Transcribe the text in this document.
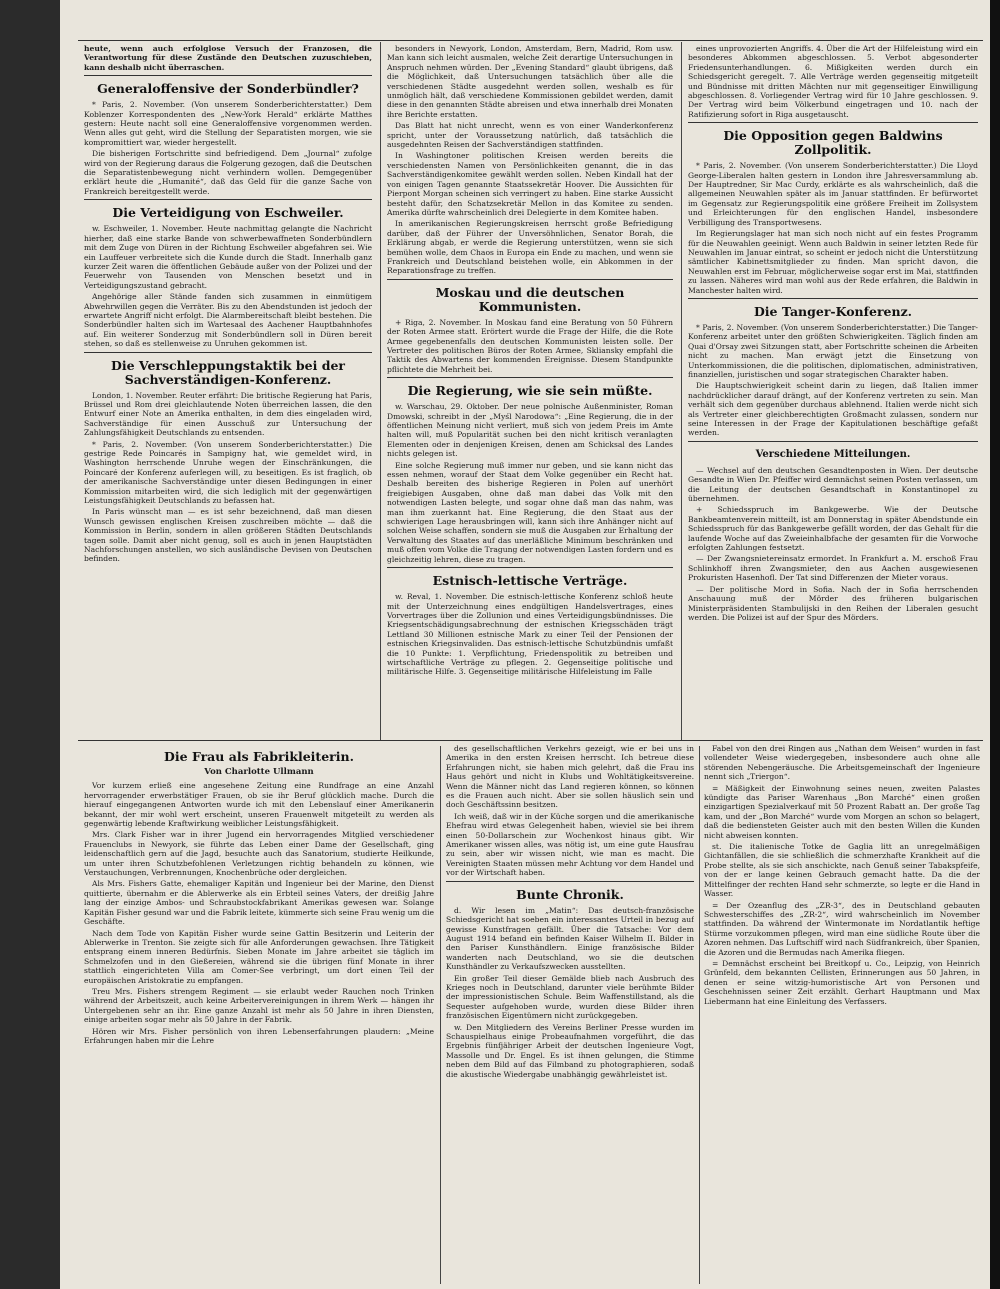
heute, wenn auch erfolglose Versuch der Franzosen, die Verantwortung für diese Zustände den Deutschen zuzuschieben, kann deshalb nicht überraschen.

Generaloffensive der Sonderbündler?

* Paris, 2. November. (Von unserem Sonderberichterstatter.) Dem Koblenzer Korrespondenten des „New-York Herald“ erklärte Matthes gestern: Heute nacht soll eine Generaloffensive vorgenommen werden. Wenn alles gut geht, wird die Stellung der Separatisten morgen, wie sie kompromittiert war, wieder hergestellt.

Die bisherigen Fortschritte sind befriedigend. Dem „Journal“ zufolge wird von der Regierung daraus die Folgerung gezogen, daß die Deutschen die Separatistenbewegung nicht verhindern wollen. Demgegenüber erklärt heute die „Humanité“, daß das Geld für die ganze Sache von Frankreich bereitgestellt werde.

Die Verteidigung von Eschweiler.

w. Eschweiler, 1. November. Heute nachmittag gelangte die Nachricht hierher, daß eine starke Bande von schwerbewaffneten Sonderbündlern mit dem Zuge von Düren in der Richtung Eschweiler abgefahren sei. Wie ein Lauffeuer verbreitete sich die Kunde durch die Stadt. Innerhalb ganz kurzer Zeit waren die öffentlichen Gebäude außer von der Polizei und der Feuerwehr von Tausenden von Menschen besetzt und in Verteidigungszustand gebracht.

Angehörige aller Stände fanden sich zusammen in einmütigem Abwehrwillen gegen die Verräter. Bis zu den Abendstunden ist jedoch der erwartete Angriff nicht erfolgt. Die Alarmbereitschaft bleibt bestehen. Die Sonderbündler halten sich im Wartesaal des Aachener Hauptbahnhofes auf. Ein weiterer Sonderzug mit Sonderbündlern soll in Düren bereit stehen, so daß es stellenweise zu Unruhen gekommen ist.

Die Verschleppungstaktik bei der Sachverständigen-Konferenz.

London, 1. November. Reuter erfährt: Die britische Regierung hat Paris, Brüssel und Rom drei gleichlautende Noten überreichen lassen, die den Entwurf einer Note an Amerika enthalten, in dem dies eingeladen wird, Sachverständige für einen Ausschuß zur Untersuchung der Zahlungsfähigkeit Deutschlands zu entsenden.

* Paris, 2. November. (Von unserem Sonderberichterstatter.) Die gestrige Rede Poincarés in Sampigny hat, wie gemeldet wird, in Washington herrschende Unruhe wegen der Einschränkungen, die Poincaré der Konferenz auferlegen will, zu beseitigen. Es ist fraglich, ob der amerikanische Sachverständige unter diesen Bedingungen in einer Kommission mitarbeiten wird, die sich lediglich mit der gegenwärtigen Leistungsfähigkeit Deutschlands zu befassen hat.

In Paris wünscht man — es ist sehr bezeichnend, daß man diesen Wunsch gewissen englischen Kreisen zuschreiben möchte — daß die Kommission in Berlin, sondern in allen größeren Städten Deutschlands tagen solle. Damit aber nicht genug, soll es auch in jenen Hauptstädten Nachforschungen anstellen, wo sich ausländische Devisen von Deutschen befinden.

besonders in Newyork, London, Amsterdam, Bern, Madrid, Rom usw. Man kann sich leicht ausmalen, welche Zeit derartige Untersuchungen in Anspruch nehmen würden. Der „Evening Standard“ glaubt übrigens, daß die Möglichkeit, daß Untersuchungen tatsächlich über alle die verschiedenen Städte ausgedehnt werden sollen, weshalb es für unmöglich hält, daß verschiedene Kommissionen gebildet werden, damit diese in den genannten Städte abreisen und etwa innerhalb drei Monaten ihre Berichte erstatten.

Das Blatt hat nicht unrecht, wenn es von einer Wanderkonferenz spricht, unter der Voraussetzung natürlich, daß tatsächlich die ausgedehnten Reisen der Sachverständigen stattfinden.

In Washingtoner politischen Kreisen werden bereits die verschiedensten Namen von Persönlichkeiten genannt, die in das Sachverständigenkomitee gewählt werden sollen. Neben Kindall hat der von einigen Tagen genannte Staatssekretär Hoover. Die Aussichten für Pierpont Morgan scheinen sich verringert zu haben. Eine starke Aussicht besteht dafür, den Schatzsekretär Mellon in das Komitee zu senden. Amerika dürfte wahrscheinlich drei Delegierte in dem Komitee haben.

In amerikanischen Regierungskreisen herrscht große Befriedigung darüber, daß der Führer der Unversöhnlichen, Senator Borah, die Erklärung abgab, er werde die Regierung unterstützen, wenn sie sich bemühen wolle, dem Chaos in Europa ein Ende zu machen, und wenn sie Frankreich und Deutschland beistehen wolle, ein Abkommen in der Reparationsfrage zu treffen.

Moskau und die deutschen Kommunisten.

+ Riga, 2. November. In Moskau fand eine Beratung von 50 Führern der Roten Armee statt. Erörtert wurde die Frage der Hilfe, die die Rote Armee gegebenenfalls den deutschen Kommunisten leisten solle. Der Vertreter des politischen Büros der Roten Armee, Skliansky empfahl die Taktik des Abwartens der kommenden Ereignisse. Diesem Standpunkte pflichtete die Mehrheit bei.

Die Regierung, wie sie sein müßte.

w. Warschau, 29. Oktober. Der neue polnische Außenminister, Roman Dmowski, schreibt in der „Myśl Narodowa“: „Eine Regierung, die in der öffentlichen Meinung nicht verliert, muß sich von jedem Preis im Amte halten will, muß Popularität suchen bei den nicht kritisch veranlagten Elementen oder in denjenigen Kreisen, denen am Schicksal des Landes nichts gelegen ist.

Eine solche Regierung muß immer nur geben, und sie kann nicht das essen nehmen, worauf der Staat dem Volke gegenüber ein Recht hat. Deshalb bereiten des bisherige Regieren in Polen auf unerhört freigiebigen Ausgaben, ohne daß man dabei das Volk mit den notwendigen Lasten belegte, und sogar ohne daß man das nahm, was man ihm zuerkannt hat. Eine Regierung, die den Staat aus der schwierigen Lage herausbringen will, kann sich ihre Anhänger nicht auf solchen Weise schaffen, sondern sie muß die Ausgaben zur Erhaltung der Verwaltung des Staates auf das unerläßliche Minimum beschränken und muß offen vom Volke die Tragung der notwendigen Lasten fordern und es gleichzeitig lehren, diese zu tragen.

Estnisch-lettische Verträge.

w. Reval, 1. November. Die estnisch-lettische Konferenz schloß heute mit der Unterzeichnung eines endgültigen Handelsvertrages, eines Vorvertrages über die Zollunion und eines Verteidigungsbündnisses. Die Kriegsentschädigungsabrechnung der estnischen Kriegsschäden trägt Lettland 30 Millionen estnische Mark zu einer Teil der Pensionen der estnischen Kriegsinvaliden. Das estnisch-lettische Schutzbündnis umfaßt die 10 Punkte: 1. Verpflichtung, Friedenspolitik zu betreiben und wirtschaftliche Verträge zu pflegen. 2. Gegenseitige politische und militärische Hilfe. 3. Gegenseitige militärische Hilfeleistung im Falle

eines unprovozierten Angriffs. 4. Über die Art der Hilfeleistung wird ein besonderes Abkommen abgeschlossen. 5. Verbot abgesonderter Friedensunterhandlungen. 6. Mißigkeiten werden durch ein Schiedsgericht geregelt. 7. Alle Verträge werden gegenseitig mitgeteilt und Bündnisse mit dritten Mächten nur mit gegenseitiger Einwilligung abgeschlossen. 8. Vorliegender Vertrag wird für 10 Jahre geschlossen. 9. Der Vertrag wird beim Völkerbund eingetragen und 10. nach der Ratifizierung sofort in Riga ausgetauscht.

Die Opposition gegen Baldwins Zollpolitik.

* Paris, 2. November. (Von unserem Sonderberichterstatter.) Die Lloyd George-Liberalen halten gestern in London ihre Jahresversammlung ab. Der Hauptredner, Sir Mac Curdy, erklärte es als wahrscheinlich, daß die allgemeinen Neuwahlen später als im Januar stattfinden. Er befürwortet im Gegensatz zur Regierungspolitik eine größere Freiheit im Zollsystem und Erleichterungen für den englischen Handel, insbesondere Verbilligung des Transportwesens.

Im Regierungslager hat man sich noch nicht auf ein festes Programm für die Neuwahlen geeinigt. Wenn auch Baldwin in seiner letzten Rede für Neuwahlen im Januar eintrat, so scheint er jedoch nicht die Unterstützung sämtlicher Kabinettsmitglieder zu finden. Man spricht davon, die Neuwahlen erst im Februar, möglicherweise sogar erst im Mai, stattfinden zu lassen. Näheres wird man wohl aus der Rede erfahren, die Baldwin in Manchester halten wird.

Die Tanger-Konferenz.

* Paris, 2. November. (Von unserem Sonderberichterstatter.) Die Tanger-Konferenz arbeitet unter den größten Schwierigkeiten. Täglich finden am Quai d'Orsay zwei Sitzungen statt, aber Fortschritte scheinen die Arbeiten nicht zu machen. Man erwägt jetzt die Einsetzung von Unterkommissionen, die die politischen, diplomatischen, administrativen, finanziellen, juristischen und sogar strategischen Charakter haben.

Die Hauptschwierigkeit scheint darin zu liegen, daß Italien immer nachdrücklicher darauf drängt, auf der Konferenz vertreten zu sein. Man verhält sich dem gegenüber durchaus ablehnend. Italien werde nicht sich als Vertreter einer gleichberechtigten Großmacht zulassen, sondern nur seine Interessen in der Frage der Kapitulationen beschäftige gefaßt werden.

Verschiedene Mitteilungen.

— Wechsel auf den deutschen Gesandtenposten in Wien. Der deutsche Gesandte in Wien Dr. Pfeiffer wird demnächst seinen Posten verlassen, um die Leitung der deutschen Gesandtschaft in Konstantinopel zu übernehmen.

+ Schiedsspruch im Bankgewerbe. Wie der Deutsche Bankbeamtenverein mitteilt, ist am Donnerstag in später Abendstunde ein Schiedsspruch für das Bankgewerbe gefällt worden, der das Gehalt für die laufende Woche auf das Zweieinhalbfache der gesamten für die Vorwoche erfolgten Zahlungen festsetzt.

— Der Zwangsnietereinsatz ermordet. In Frankfurt a. M. erschoß Frau Schlinkhoff ihren Zwangsmieter, den aus Aachen ausgewiesenen Prokuristen Hasenhofl. Der Tat sind Differenzen der Mieter voraus.

— Der politische Mord in Sofia. Nach der in Sofia herrschenden Anschauung muß der Mörder des früheren bulgarischen Ministerpräsidenten Stambulijski in den Reihen der Liberalen gesucht werden. Die Polizei ist auf der Spur des Mörders.

Die Frau als Fabrikleiterin.
Von Charlotte Ullmann

Vor kurzem erließ eine angesehene Zeitung eine Rundfrage an eine Anzahl hervorragender erwerbstätiger Frauen, ob sie ihr Beruf glücklich mache. Durch die hierauf eingegangenen Antworten wurde ich mit den Lebenslauf einer Amerikanerin bekannt, der mir wohl wert erscheint, unseren Frauenwelt mitgeteilt zu werden als gegenwärtig lebende Kraftwirkung weiblicher Leistungsfähigkeit.

Mrs. Clark Fisher war in ihrer Jugend ein hervorragendes Mitglied verschiedener Frauenclubs in Newyork, sie führte das Leben einer Dame der Gesellschaft, ging leidenschaftlich gern auf die Jagd, besuchte auch das Sanatorium, studierte Heilkunde, um unter ihren Schutzbefohlenen Verletzungen richtig behandeln zu können, wie Verstauchungen, Verbrennungen, Knochenbrüche oder dergleichen.

Als Mrs. Fishers Gatte, ehemaliger Kapitän und Ingenieur bei der Marine, den Dienst quittierte, übernahm er die Ablerwerke als ein Erbteil seines Vaters, der dreißig Jahre lang der einzige Ambos- und Schraubstockfabrikant Amerikas gewesen war. Solange Kapitän Fisher gesund war und die Fabrik leitete, kümmerte sich seine Frau wenig um die Geschäfte.

Nach dem Tode von Kapitän Fisher wurde seine Gattin Besitzerin und Leiterin der Ablerwerke in Trenton. Sie zeigte sich für alle Anforderungen gewachsen. Ihre Tätigkeit entsprang einem inneren Bedürfnis. Sieben Monate im Jahre arbeitet sie täglich im Schmelzofen und in den Gießereien, während sie die übrigen fünf Monate in ihrer stattlich eingerichteten Villa am Comer-See verbringt, um dort einen Teil der europäischen Aristokratie zu empfangen.

Treu Mrs. Fishers strengem Regiment — sie erlaubt weder Rauchen noch Trinken während der Arbeitszeit, auch keine Arbeitervereinigungen in ihrem Werk — hängen ihr Untergebenen sehr an ihr. Eine ganze Anzahl ist mehr als 50 Jahre in ihren Diensten, einige arbeiten sogar mehr als 50 Jahre in der Fabrik.

Hören wir Mrs. Fisher persönlich von ihren Lebenserfahrungen plaudern: „Meine Erfahrungen haben mir die Lehre

des gesellschaftlichen Verkehrs gezeigt, wie er bei uns in Amerika in den ersten Kreisen herrscht. Ich betreue diese Erfahrungen nicht, sie haben mich gelehrt, daß die Frau ins Haus gehört und nicht in Klubs und Wohltätigkeitsvereine. Wenn die Männer nicht das Land regieren können, so können es die Frauen auch nicht. Aber sie sollen häuslich sein und doch Geschäftssinn besitzen.

Ich weiß, daß wir in der Küche sorgen und die amerikanische Ehefrau wird etwas Gelegenheit haben, wieviel sie bei ihrem einen 50-Dollarschein zur Wochenkost hinaus gibt. Wir Amerikaner wissen alles, was nötig ist, um eine gute Hausfrau zu sein, aber wir wissen nicht, wie man es macht. Die Vereinigten Staaten müssen mehr Achtung vor dem Handel und vor der Wirtschaft haben.

Bunte Chronik.

d. Wir lesen im „Matin“: Das deutsch-französische Schiedsgericht hat soeben ein interessantes Urteil in bezug auf gewisse Kunstfragen gefällt. Über die Tatsache: Vor dem August 1914 befand ein befinden Kaiser Wilhelm II. Bilder in den Pariser Kunsthändlern. Einige französische Bilder wanderten nach Deutschland, wo sie die deutschen Kunsthändler zu Verkaufszwecken ausstellten.

Ein großer Teil dieser Gemälde blieb nach Ausbruch des Krieges noch in Deutschland, darunter viele berühmte Bilder der impressionistischen Schule. Beim Waffenstillstand, als die Sequester aufgehoben wurde, wurden diese Bilder ihren französischen Eigentümern nicht zurückgegeben.

w. Den Mitgliedern des Vereins Berliner Presse wurden im Schauspielhaus einige Probeaufnahmen vorgeführt, die das Ergebnis fünfjähriger Arbeit der deutschen Ingenieure Vogt, Massolle und Dr. Engel. Es ist ihnen gelungen, die Stimme neben dem Bild auf das Filmband zu photographieren, sodaß die akustische Wiedergabe unabhängig gewährleistet ist.

Fabel von den drei Ringen aus „Nathan dem Weisen“ wurden in fast vollendeter Weise wiedergegeben, insbesondere auch ohne alle störenden Nebengeräusche. Die Arbeitsgemeinschaft der Ingenieure nennt sich „Triergon“.

= Mäßigkeit der Einwohnung seines neuen, zweiten Palastes kündigte das Pariser Warenhaus „Bon Marché“ einen großen einzigartigen Spezialverkauf mit 50 Prozent Rabatt an. Der große Tag kam, und der „Bon Marché“ wurde vom Morgen an schon so belagert, daß die bediensteten Geister auch mit den besten Willen die Kunden nicht abweisen konnten.

st. Die italienische Totke de Gaglia litt an unregelmäßigen Gichtanfällen, die sie schließlich die schmerzhafte Krankheit auf die Probe stellte, als sie sich anschickte, nach Genuß seiner Tabakspfeife, von der er lange keinen Gebrauch gemacht hatte. Da die der Mittelfinger der rechten Hand sehr schmerzte, so legte er die Hand in Wasser.

= Der Ozeanflug des „ZR-3“, des in Deutschland gebauten Schwesterschiffes des „ZR-2“, wird wahrscheinlich im November stattfinden. Da während der Wintermonate im Nordatlantik heftige Stürme vorzukommen pflegen, wird man eine südliche Route über die Azoren nehmen. Das Luftschiff wird nach Südfrankreich, über Spanien, die Azoren und die Bermudas nach Amerika fliegen.

= Demnächst erscheint bei Breitkopf u. Co., Leipzig, von Heinrich Grünfeld, dem bekannten Cellisten, Erinnerungen aus 50 Jahren, in denen er seine witzig-humoristische Art von Personen und Geschehnissen seiner Zeit erzählt. Gerhart Hauptmann und Max Liebermann hat eine Einleitung des Verfassers.
